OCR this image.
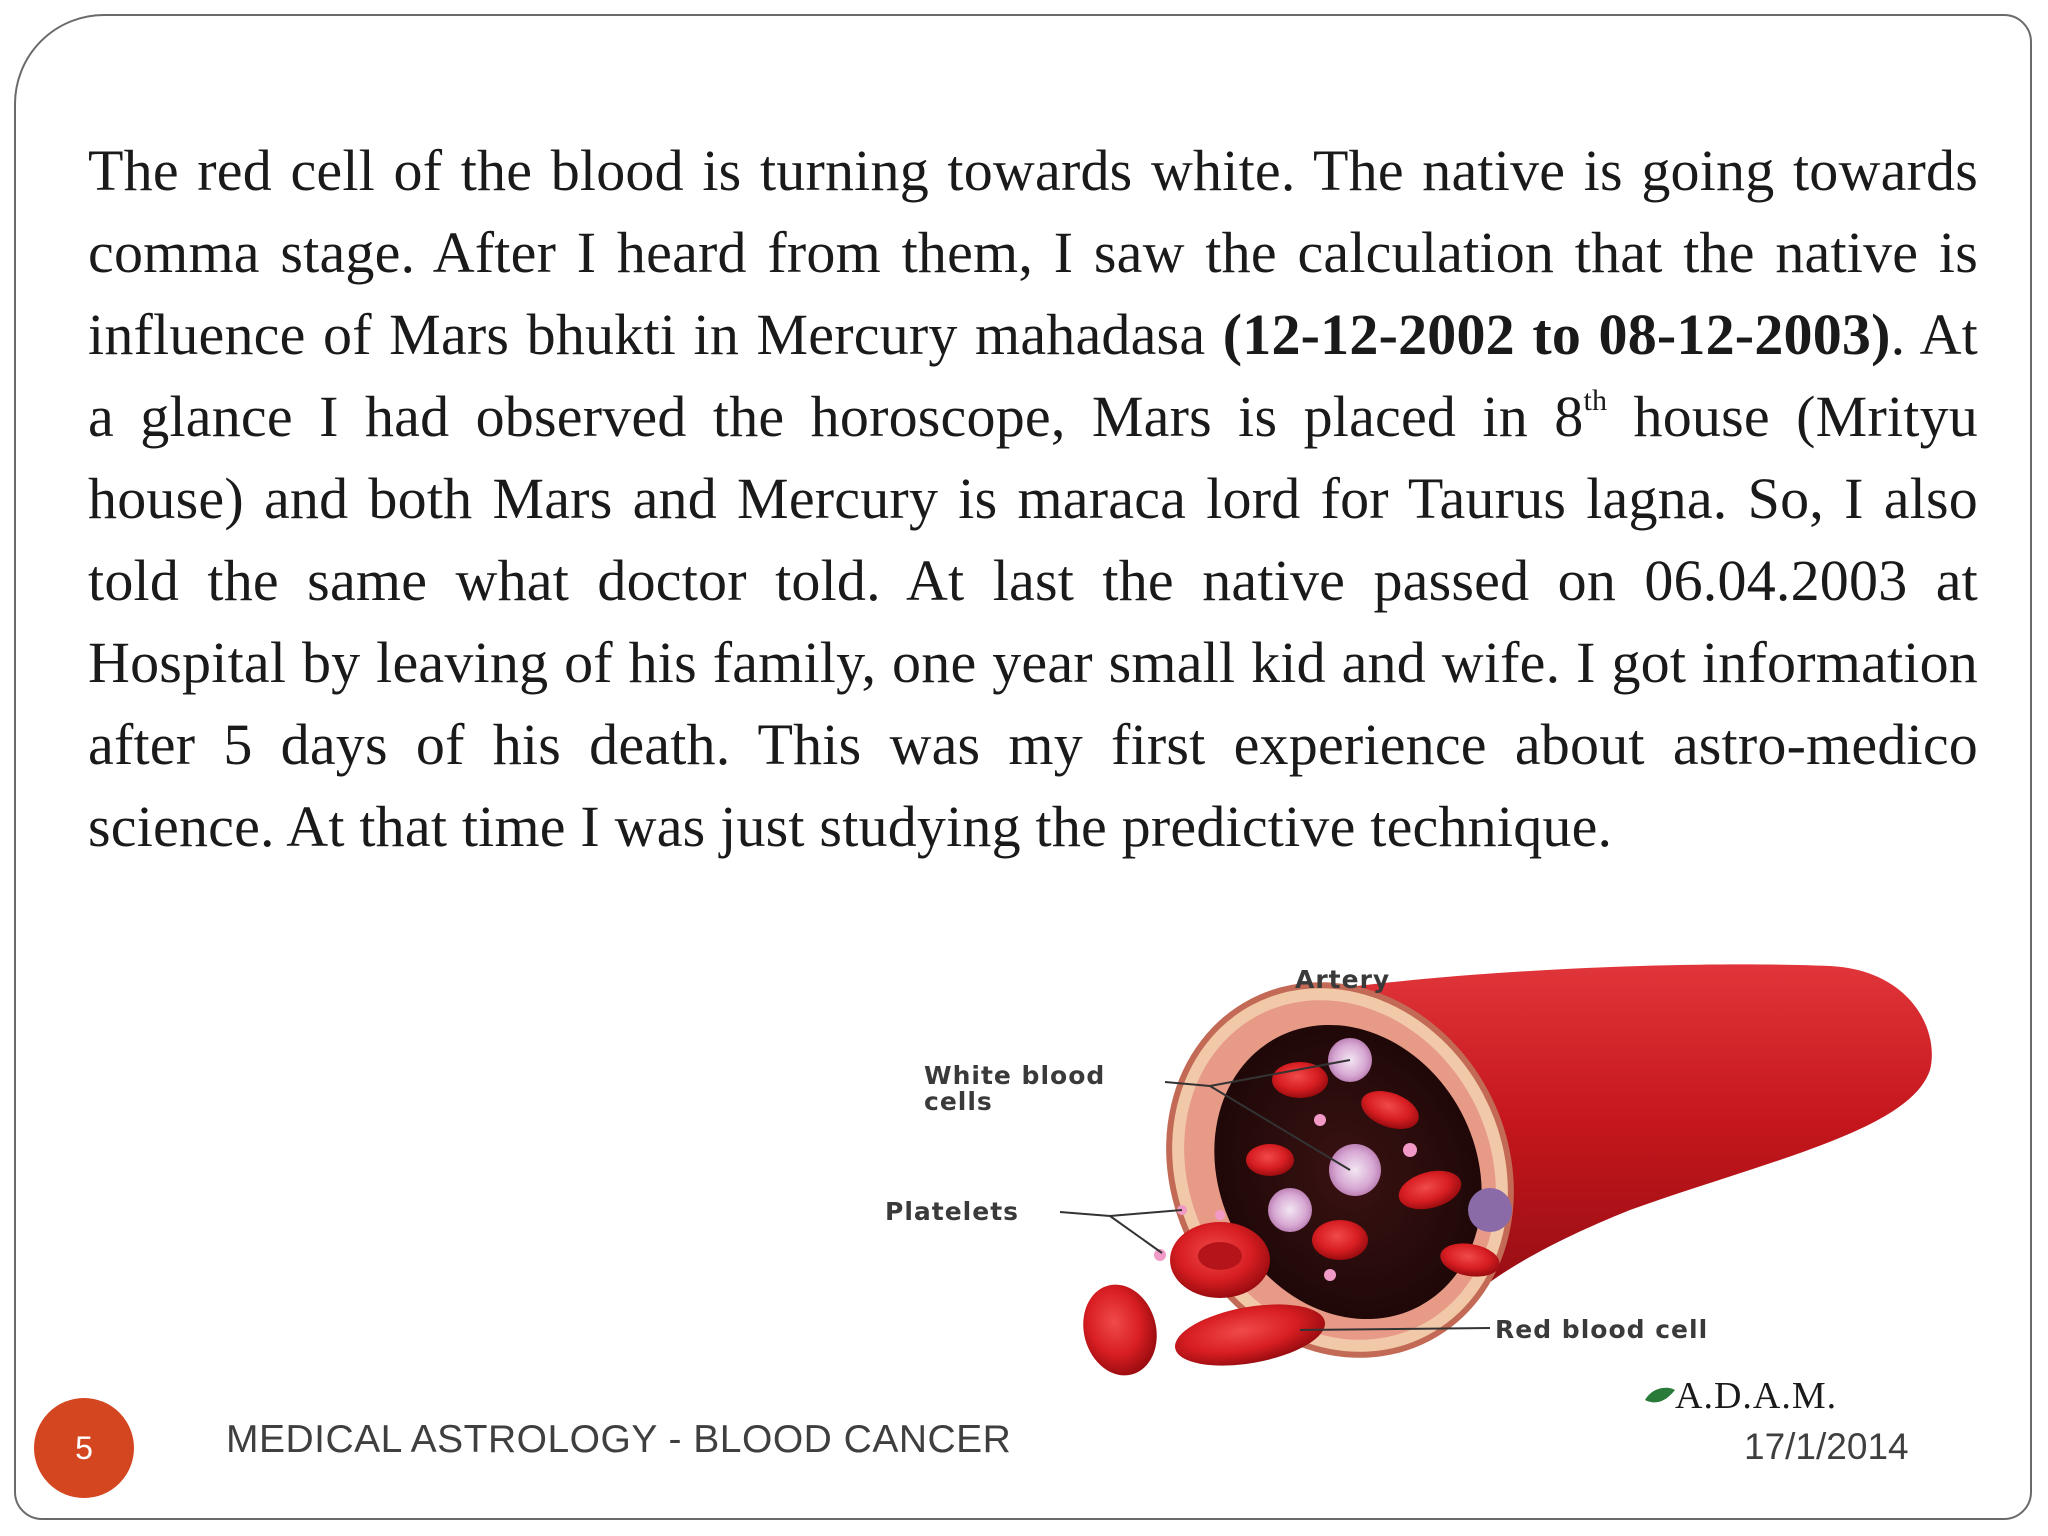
The red cell of the blood is turning towards white. The native is going towards comma stage. After I heard from them, I saw the calculation that the native is influence of Mars bhukti in Mercury mahadasa (12-12-2002 to 08-12-2003). At a glance I had observed the horoscope, Mars is placed in 8th house (Mrityu house) and both Mars and Mercury is maraca lord for Taurus lagna. So, I also told the same what doctor told. At last the native passed on 06.04.2003 at Hospital by leaving of his family, one year small kid and wife. I got information after 5 days of his death. This was my first experience about astro-medico science. At that time I was just studying the predictive technique.

Artery
White blood
cells
Platelets
Red blood cell
A.D.A.M.
5	MEDICAL ASTROLOGY - BLOOD CANCER	17/1/2014
